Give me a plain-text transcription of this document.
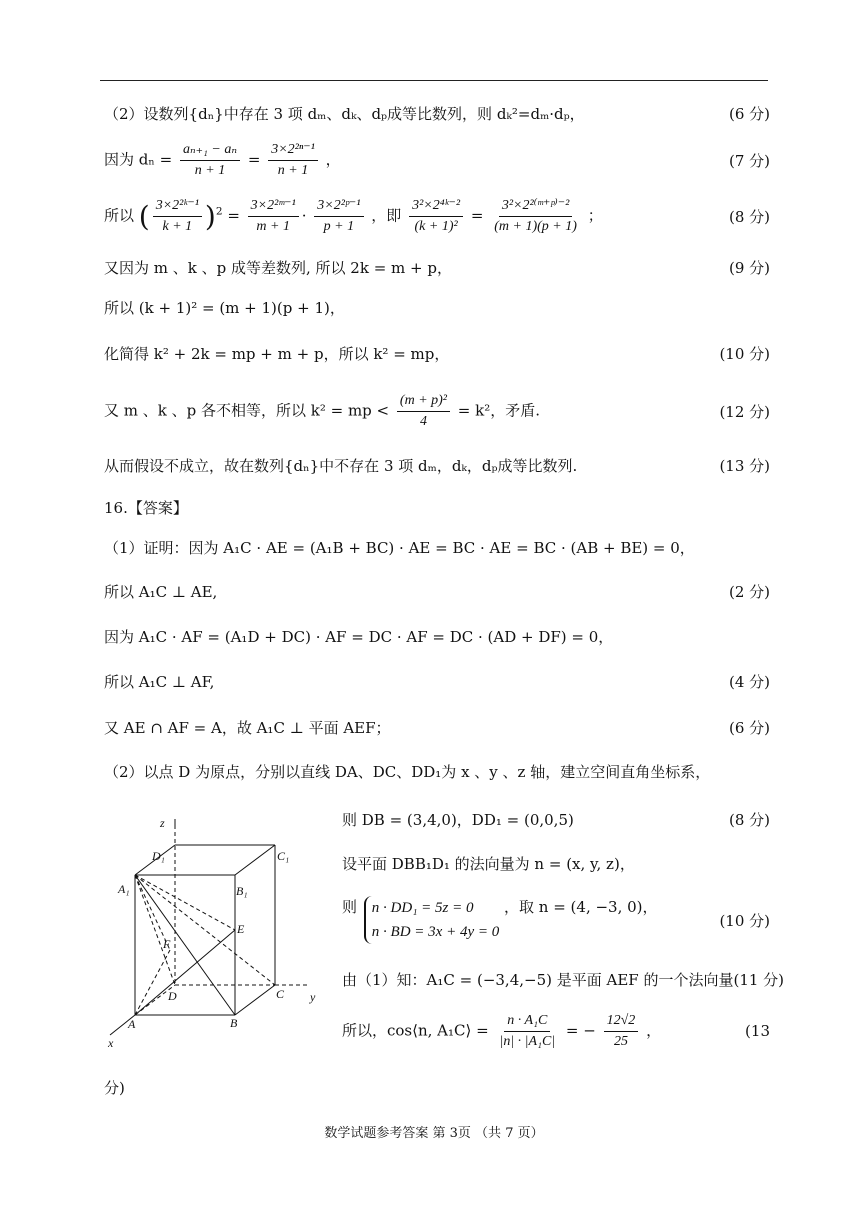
（2）设数列{dₙ}中存在 3 项 dₘ、dₖ、dₚ成等比数列，则 dₖ²=dₘ·dₚ，	(6 分)
因为 $d_n = \frac{\text{aₙ₊₁ − aₙ}}{n + 1} = \frac{\text{3×2²ⁿ⁻¹}}{n + 1}$ ，	(7 分)
所以 ( $\frac{\text{3×2²ᵏ⁻¹}}{k + 1} )^2 = \frac{\text{3×2²ᵐ⁻¹}}{m + 1} \cdot \frac{\text{3×2²ᵖ⁻¹}}{p + 1}$ ，即 $\frac{\text{3²×2⁴ᵏ⁻²}}{\text{(k + 1)²}} = \frac{\text{3²×2²⁽ᵐ⁺ᵖ⁾⁻²}}{(m + 1)(p + 1)}$ ；	(8 分)
又因为 m 、k 、p 成等差数列, 所以 2k = m + p，	(9 分)
所以 (k + 1)² = (m + 1)(p + 1)，
化简得 k² + 2k = mp + m + p，所以 k² = mp，	(10 分)
又 m 、k 、p 各不相等，所以 k² = mp < $\frac{\text{(m + p)²}}{4} = k^2$，矛盾.	(12 分)
从而假设不成立，故在数列{dₙ}中不存在 3 项 dₘ，dₖ，dₚ成等比数列.	(13 分)
16.【答案】
（1）证明：因为 A₁C · AE = (A₁B + BC) · AE = BC · AE = BC · (AB + BE) = 0，
所以 A₁C ⊥ AE,	(2 分)
因为 A₁C · AF = (A₁D + DC) · AF = DC · AF = DC · (AD + DF) = 0，
所以 A₁C ⊥ AF,	(4 分)
又 AE ∩ AF = A，故 A₁C ⊥ 平面 AEF；	(6 分)
（2）以点 D 为原点，分别以直线 DA、DC、DD₁为 x 、y 、z 轴，建立空间直角坐标系，
则 DB = (3,4,0)，DD₁ = (0,0,5)	(8 分)
设平面 DBB₁D₁ 的法向量为 n = (x, y, z)，
则 n · DD₁ = 5z = 0
n · BD = 3x + 4y = 0
，取 n = (4, −3, 0)，
(10 分)
由（1）知：A₁C = (−3,4,−5) 是平面 AEF 的一个法向量(11 分)
所以，cos⟨n, A₁C⟩ = $\frac{\text{n · A₁C}}{\text{|n| · |A₁C|}}$ = − $\frac{12√2}{25}$ ，	(13
分)
z
D₁	C₁
A₁	B₁
E
F
D	C y
A	B
x
数学试题参考答案 第 3页 （共 7 页）
